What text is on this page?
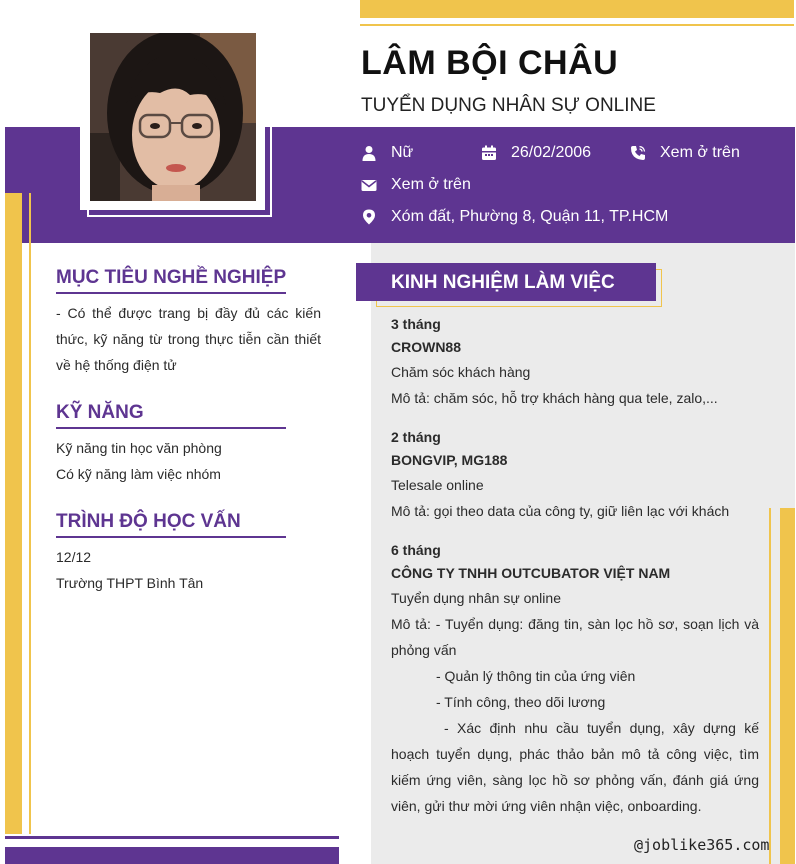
LÂM BỘI CHÂU
TUYỂN DỤNG NHÂN SỰ ONLINE
Nữ	26/02/2006	Xem ở trên
Xem ở trên
Xóm đất, Phường 8, Quận 11, TP.HCM
MỤC TIÊU NGHỀ NGHIỆP
- Có thể được trang bị đầy đủ các kiến thức, kỹ năng từ trong thực tiễn cần thiết về hệ thống điện tử
KỸ NĂNG
Kỹ năng tin học văn phòng
Có kỹ năng làm việc nhóm
TRÌNH ĐỘ HỌC VẤN
12/12
Trường THPT Bình Tân
KINH NGHIỆM LÀM VIỆC
3 tháng
CROWN88
Chăm sóc khách hàng
Mô tả: chăm sóc, hỗ trợ khách hàng qua tele, zalo,...
2 tháng
BONGVIP, MG188
Telesale online
Mô tả: gọi theo data của công ty, giữ liên lạc với khách
6 tháng
CÔNG TY TNHH OUTCUBATOR VIỆT NAM
Tuyển dụng nhân sự online
Mô tả: - Tuyển dụng: đăng tin, sàn lọc hồ sơ, soạn lịch và phỏng vấn
- Quản lý thông tin của ứng viên
- Tính công, theo dõi lương
- Xác định nhu cầu tuyển dụng, xây dựng kế hoạch tuyển dụng, phác thảo bản mô tả công việc, tìm kiếm ứng viên, sàng lọc hồ sơ phỏng vấn, đánh giá ứng viên, gửi thư mời ứng viên nhận việc, onboarding.
@joblike365.com
